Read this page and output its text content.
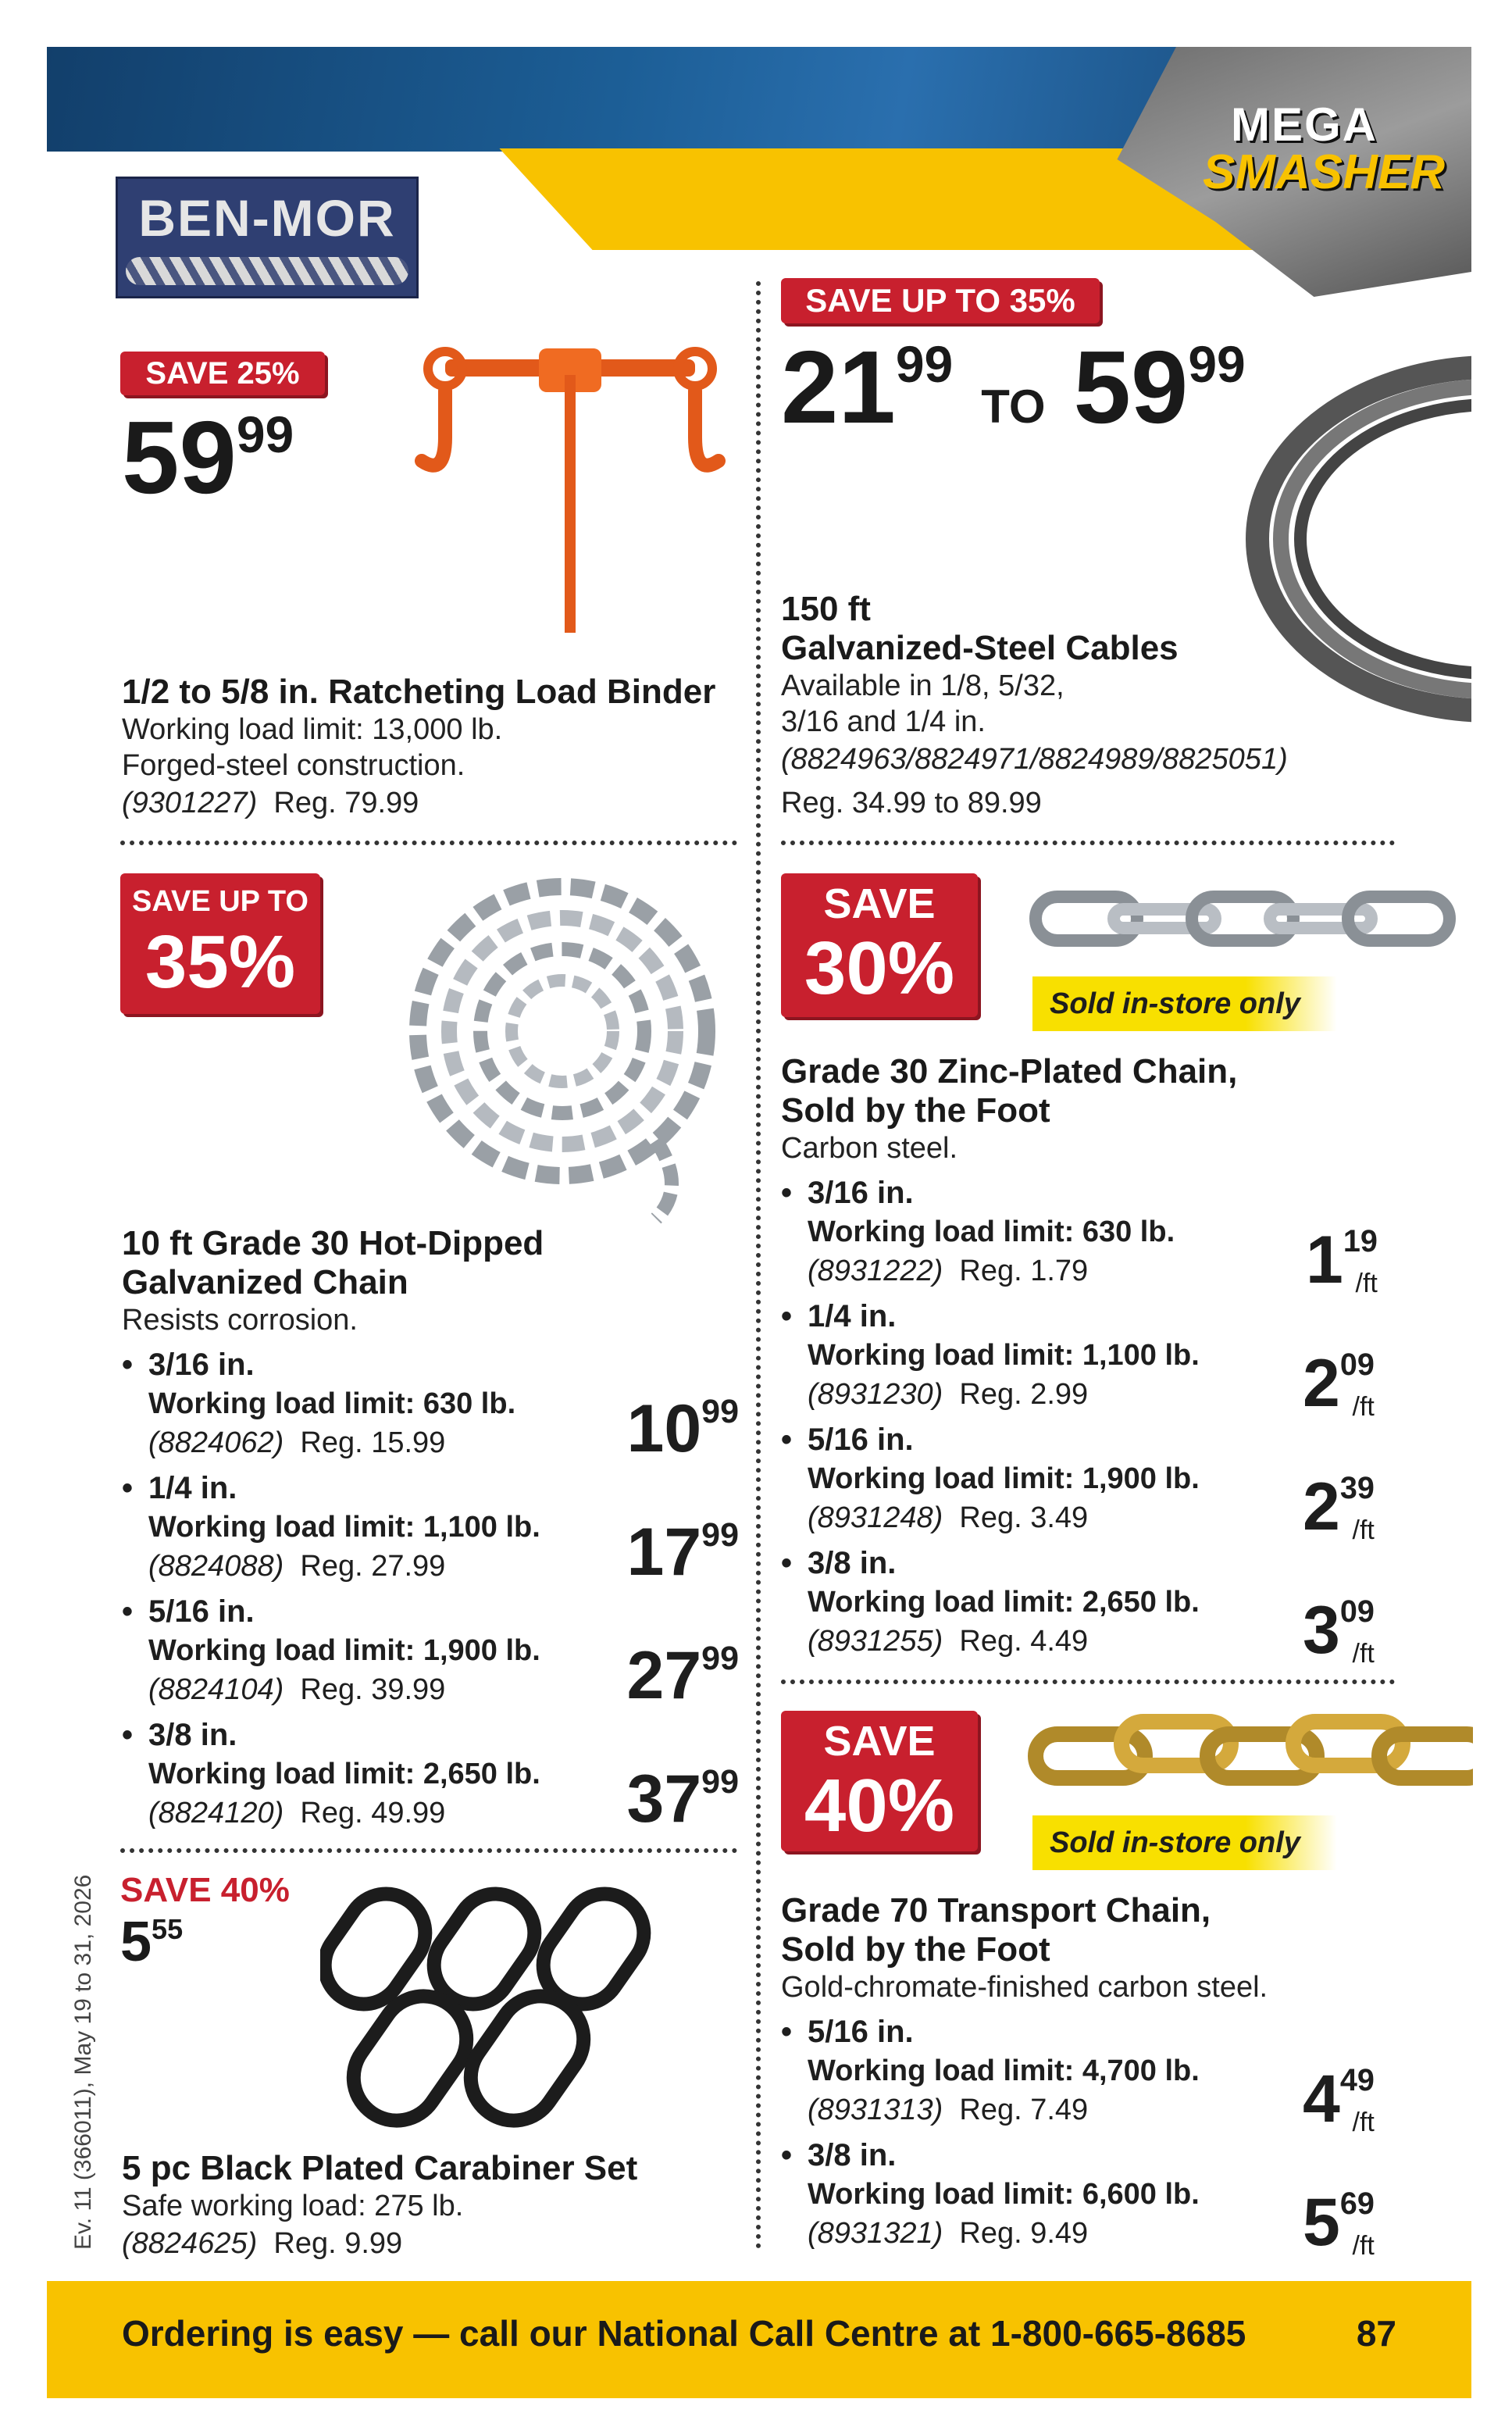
MEGA
SMASHER
BEN-MOR
SAVE 25%
$59^{99}$
1/2 to 5/8 in. Ratcheting Load Binder
Working load limit: 13,000 lb.
Forged-steel construction.
(9301227) Reg. 79.99
SAVE UP TO 35%
$21^{99}TO$ $59^{99}$
150 ft
Galvanized-Steel Cables
Available in 1/8, 5/32,
3/16 and 1/4 in.
(8824963/8824971/8824989/8825051)
Reg. 34.99 to 89.99
SAVE UP TO
35%
10 ft Grade 30 Hot-Dipped
Galvanized Chain
Resists corrosion.
• 3/16 in.
Working load limit: 630 lb.
(8824062) Reg. 15.99	$10^{99}$
• 1/4 in.
Working load limit: 1,100 lb.
(8824088) Reg. 27.99	$17^{99}$
• 5/16 in.
Working load limit: 1,900 lb.
(8824104) Reg. 39.99	$27^{99}$
• 3/8 in.
Working load limit: 2,650 lb.
(8824120) Reg. 49.99	$37^{99}$
SAVE
30%	Sold in-store only
Grade 30 Zinc-Plated Chain,
Sold by the Foot
Carbon steel.
• 3/16 in.
Working load limit: 630 lb.
(8931222) Reg. 1.79	$1^{19}$
/ft
• 1/4 in.
Working load limit: 1,100 lb.
(8931230) Reg. 2.99	$2^{09}$
/ft
• 5/16 in.
Working load limit: 1,900 lb.
(8931248) Reg. 3.49	$2^{39}$
/ft
• 3/8 in.
Working load limit: 2,650 lb.
(8931255) Reg. 4.49	$3^{09}$
/ft
SAVE 40%
$5^{55}$
5 pc Black Plated Carabiner Set
Safe working load: 275 lb.
(8824625) Reg. 9.99
SAVE
40%	Sold in-store only
Grade 70 Transport Chain,
Sold by the Foot
Gold-chromate-finished carbon steel.
• 5/16 in.
Working load limit: 4,700 lb.
(8931313) Reg. 7.49	$4^{49}$
/ft
• 3/8 in.
Working load limit: 6,600 lb.
(8931321) Reg. 9.49	$5^{69}$
/ft
Ev. 11 (366011), May 19 to 31, 2026
Ordering is easy — call our National Call Centre at 1-800-665-8685	87
